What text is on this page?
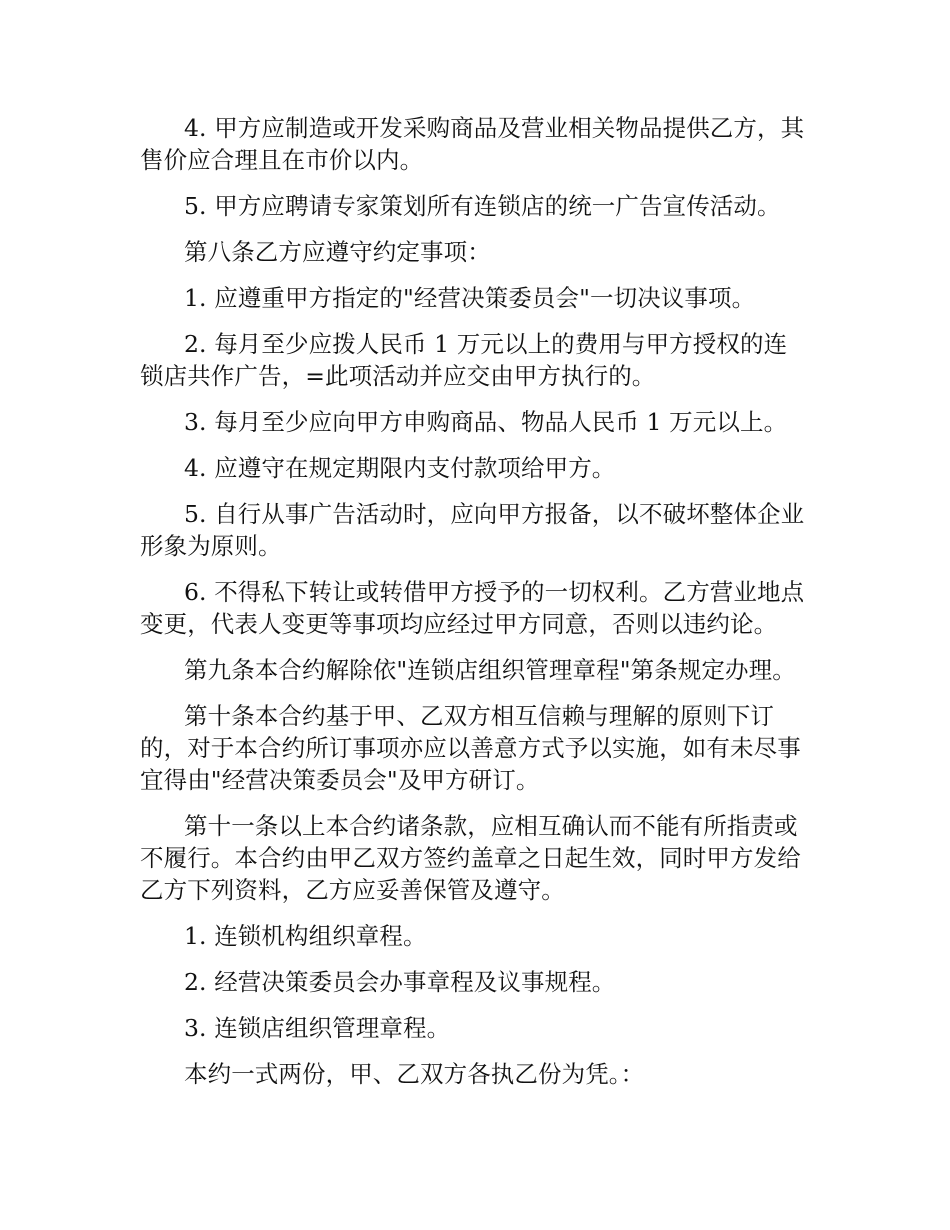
4. 甲方应制造或开发采购商品及营业相关物品提供乙方，其售价应合理且在市价以内。

5. 甲方应聘请专家策划所有连锁店的统一广告宣传活动。

第八条乙方应遵守约定事项：

1. 应遵重甲方指定的"经营决策委员会"一切决议事项。

2. 每月至少应拨人民币 1 万元以上的费用与甲方授权的连锁店共作广告，=此项活动并应交由甲方执行的。

3. 每月至少应向甲方申购商品、物品人民币 1 万元以上。

4. 应遵守在规定期限内支付款项给甲方。

5. 自行从事广告活动时，应向甲方报备，以不破坏整体企业形象为原则。

6. 不得私下转让或转借甲方授予的一切权利。乙方营业地点变更，代表人变更等事项均应经过甲方同意，否则以违约论。

第九条本合约解除依"连锁店组织管理章程"第条规定办理。

第十条本合约基于甲、乙双方相互信赖与理解的原则下订的，对于本合约所订事项亦应以善意方式予以实施，如有未尽事宜得由"经营决策委员会"及甲方研订。

第十一条以上本合约诸条款，应相互确认而不能有所指责或不履行。本合约由甲乙双方签约盖章之日起生效，同时甲方发给乙方下列资料，乙方应妥善保管及遵守。

1. 连锁机构组织章程。

2. 经营决策委员会办事章程及议事规程。

3. 连锁店组织管理章程。

本约一式两份，甲、乙双方各执乙份为凭。：
